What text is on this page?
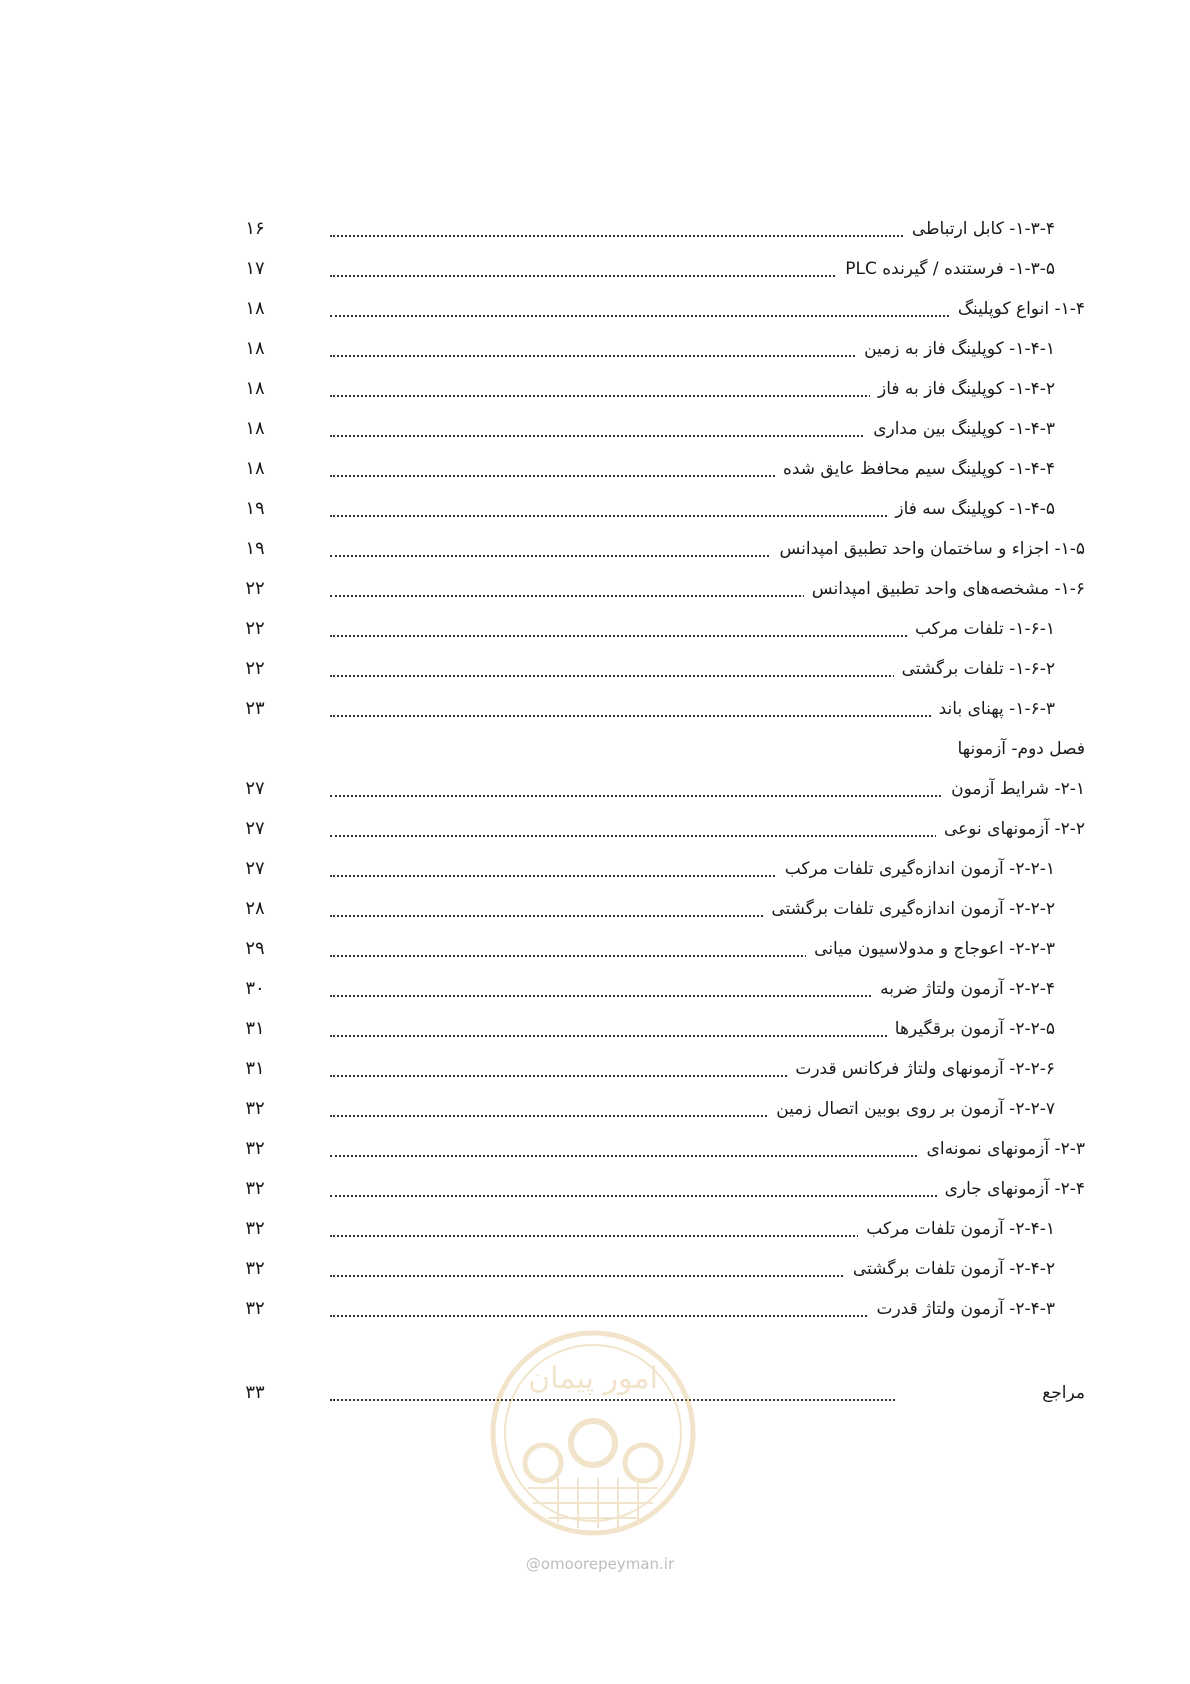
۱-۳-۴- کابل ارتباطی
۱۶
۱-۳-۵- فرستنده / گیرنده PLC
۱۷
۱-۴- انواع کوپلینگ
۱۸
۱-۴-۱- کوپلینگ فاز به زمین
۱۸
۱-۴-۲- کوپلینگ فاز به فاز
۱۸
۱-۴-۳- کوپلینگ بین مداری
۱۸
۱-۴-۴- کوپلینگ سیم محافظ عایق شده
۱۸
۱-۴-۵- کوپلینگ سه فاز
۱۹
۱-۵- اجزاء و ساختمان واحد تطبیق امپدانس
۱۹
۱-۶- مشخصه‌های واحد تطبیق امپدانس
۲۲
۱-۶-۱- تلفات مرکب
۲۲
۱-۶-۲- تلفات برگشتی
۲۲
۱-۶-۳- پهنای باند
۲۳
فصل دوم- آزمونها
۲-۱- شرایط آزمون
۲۷
۲-۲- آزمونهای نوعی
۲۷
۲-۲-۱- آزمون اندازه‌گیری تلفات مرکب
۲۷
۲-۲-۲- آزمون اندازه‌گیری تلفات برگشتی
۲۸
۲-۲-۳- اعوجاج و مدولاسیون میانی
۲۹
۲-۲-۴- آزمون ولتاژ ضربه
۳۰
۲-۲-۵- آزمون برقگیرها
۳۱
۲-۲-۶- آزمونهای ولتاژ فرکانس قدرت
۳۱
۲-۲-۷- آزمون بر روی بوبین اتصال زمین
۳۲
۲-۳- آزمونهای نمونه‌ای
۳۲
۲-۴- آزمونهای جاری
۳۲
۲-۴-۱- آزمون تلفات مرکب
۳۲
۲-۴-۲- آزمون تلفات برگشتی
۳۲
۲-۴-۳- آزمون ولتاژ قدرت
۳۲
مراجع
۳۳	امور پیمان
@omoorepeyman.ir
